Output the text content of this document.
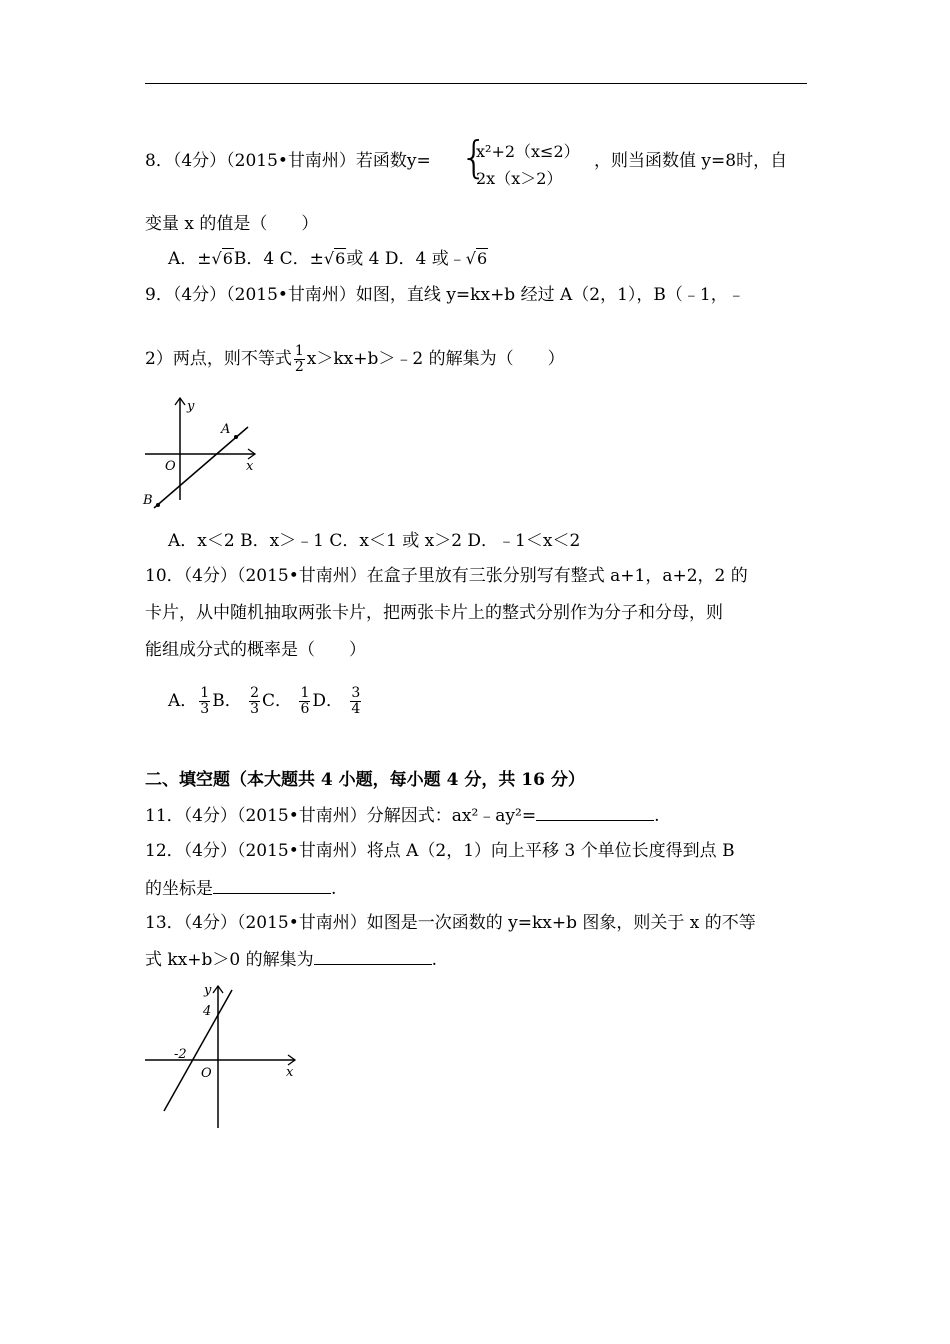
8．（4分）（2015•甘南州）若函数y= {
x²+2（x≤2）
2x（x＞2）
，则当函数值 y=8时，自
变量 x 的值是（　　）
A．±√6B．4 C．±√6或 4 D．4 或﹣√6
9．（4分）（2015•甘南州）如图，直线 y=kx+b 经过 A（2，1），B（﹣1，﹣
2）两点，则不等式 $\frac{1}{2}$ x＞kx+b＞﹣2 的解集为（　　）
y
x
O
A
B
A．x＜2 B．x＞﹣1 C．x＜1 或 x＞2 D．﹣1＜x＜2
10．（4分）（2015•甘南州）在盒子里放有三张分别写有整式 a+1，a+2，2 的
卡片，从中随机抽取两张卡片，把两张卡片上的整式分别作为分子和分母，则
能组成分式的概率是（　　）
A． $\frac{1}{3}$ B． $\frac{2}{3}$ C． $\frac{1}{6}$ D． $\frac{3}{4}$
二、填空题（本大题共 4 小题，每小题 4 分，共 16 分）
11．（4分）（2015•甘南州）分解因式：ax²﹣ay²=	.
12．（4分）（2015•甘南州）将点 A（2，1）向上平移 3 个单位长度得到点 B
的坐标是	.
13．（4分）（2015•甘南州）如图是一次函数的 y=kx+b 图象，则关于 x 的不等
式 kx+b＞0 的解集为	.
y
x
O
4
-2
